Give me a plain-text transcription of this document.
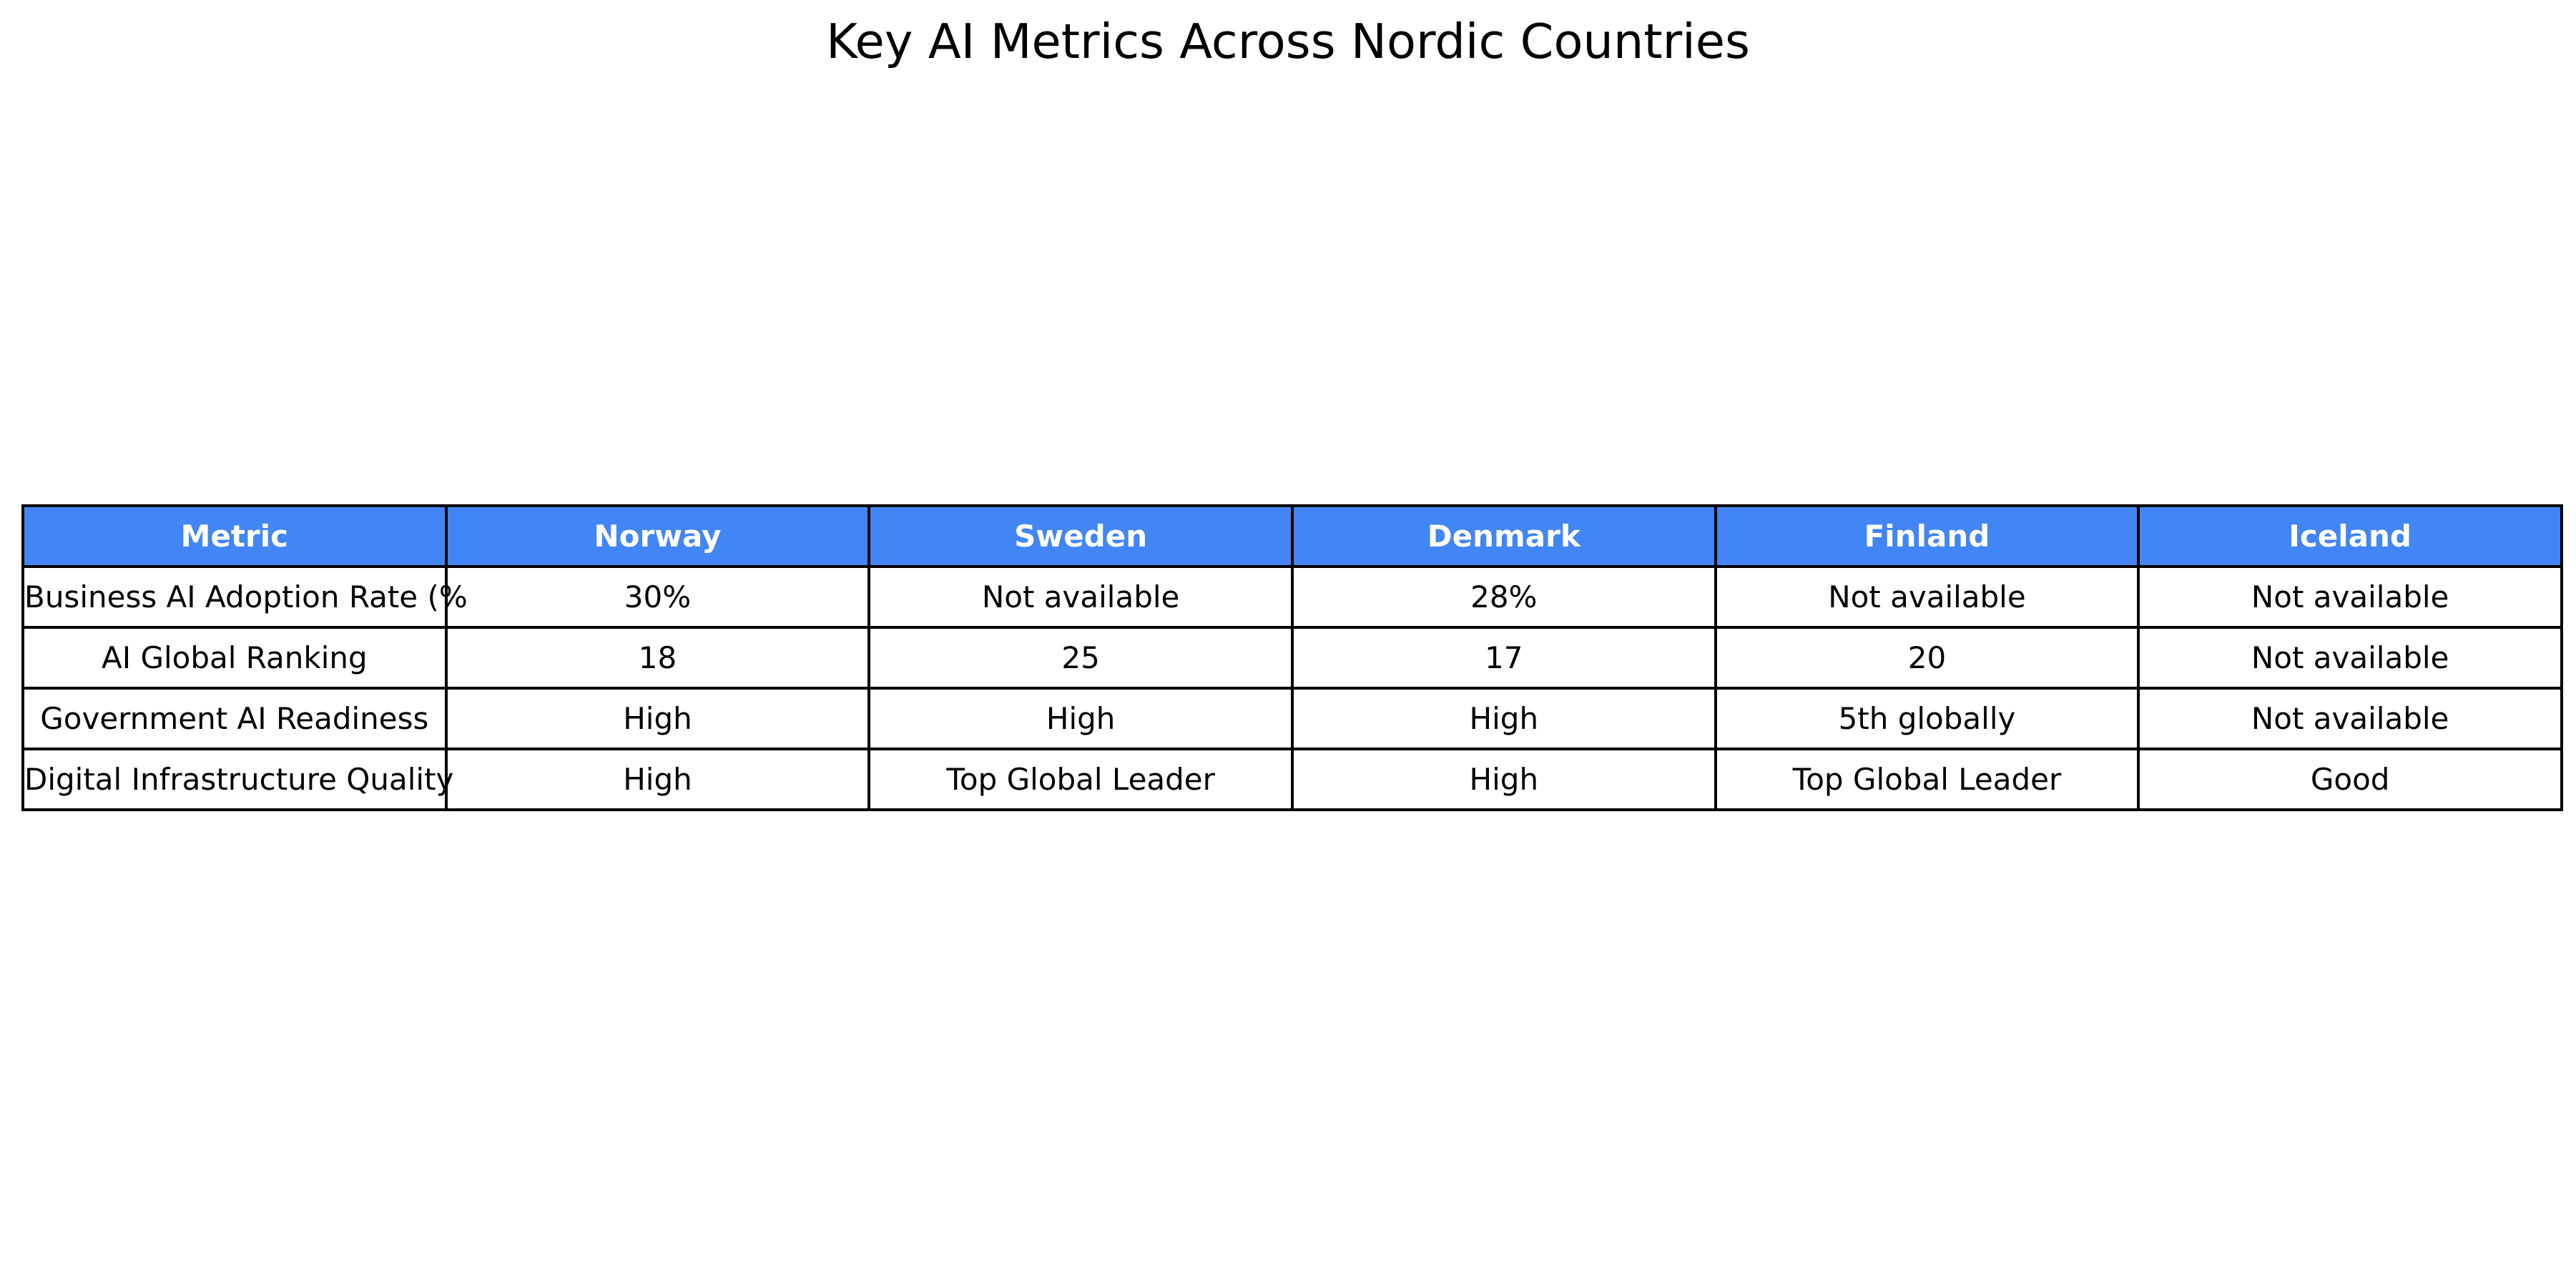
Key AI Metrics Across Nordic Countries
Metric	Norway	Sweden	Denmark	Finland	Iceland
Business AI Adoption Rate (%	30%	Not available	28%	Not available	Not available
AI Global Ranking	18	25	17	20	Not available
Government AI Readiness	High	High	High	5th globally	Not available
Digital Infrastructure Quality	High	Top Global Leader	High	Top Global Leader	Good
